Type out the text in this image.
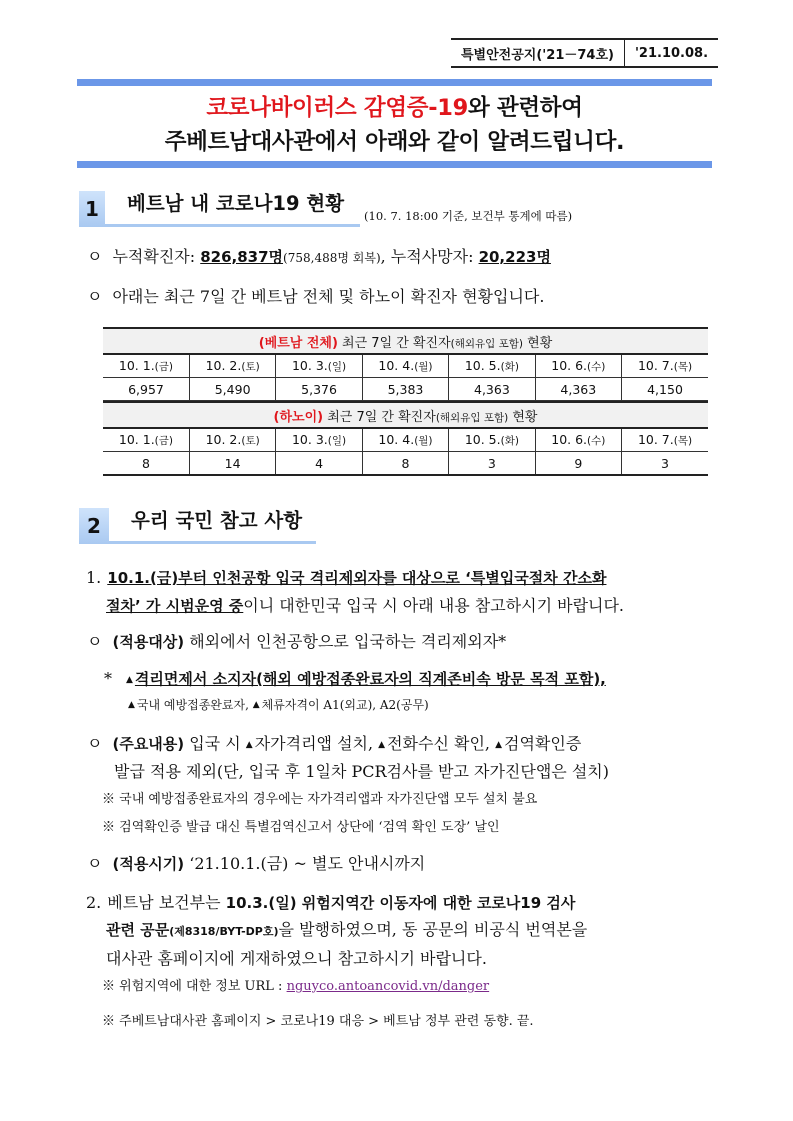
특별안전공지('21－74호)	'21.10.08.
코로나바이러스 감염증-19와 관련하여
주베트남대사관에서 아래와 같이 알려드립니다.
1	베트남 내 코로나19 현황
(10. 7. 18:00 기준, 보건부 통계에 따름)
ㅇ 누적확진자: 826,837명(758,488명 회복), 누적사망자: 20,223명
ㅇ 아래는 최근 7일 간 베트남 전체 및 하노이 확진자 현황입니다.
(베트남 전체) 최근 7일 간 확진자(해외유입 포함) 현황						
10. 1.(금)	10. 2.(토)	10. 3.(일)	10. 4.(월)	10. 5.(화)	10. 6.(수)	10. 7.(목)
6,957	5,490	5,376	5,383	4,363	4,363	4,150
(하노이) 최근 7일 간 확진자(해외유입 포함) 현황						
10. 1.(금)	10. 2.(토)	10. 3.(일)	10. 4.(월)	10. 5.(화)	10. 6.(수)	10. 7.(목)
8	14	4	8	3	9	3
2	우리 국민 참고 사항
1. 10.1.(금)부터 인천공항 입국 격리제외자를 대상으로 ‘특별입국절차 간소화
절차’ 가 시범운영 중이니 대한민국 입국 시 아래 내용 참고하시기 바랍니다.
ㅇ (적용대상) 해외에서 인천공항으로 입국하는 격리제외자*
* ▲ 격리면제서 소지자(해외 예방접종완료자의 직계존비속 방문 목적 포함),
▲ 국내 예방접종완료자, ▲ 체류자격이 A1(외교), A2(공무)
ㅇ (주요내용) 입국 시 ▲ 자가격리앱 설치, ▲ 전화수신 확인, ▲ 검역확인증
발급 적용 제외(단, 입국 후 1일차 PCR검사를 받고 자가진단앱은 설치)
※ 국내 예방접종완료자의 경우에는 자가격리앱과 자가진단앱 모두 설치 불요
※ 검역확인증 발급 대신 특별검역신고서 상단에 ‘검역 확인 도장’ 날인
ㅇ (적용시기) ‘21.10.1.(금) ~ 별도 안내시까지
2. 베트남 보건부는 10.3.(일) 위험지역간 이동자에 대한 코로나19 검사
관련 공문(제8318/BYT-DP호)을 발행하였으며, 동 공문의 비공식 번역본을
대사관 홈페이지에 게재하였으니 참고하시기 바랍니다.
※ 위험지역에 대한 정보 URL : nguyco.antoancovid.vn/danger
※ 주베트남대사관 홈페이지 > 코로나19 대응 > 베트남 정부 관련 동향. 끝.
